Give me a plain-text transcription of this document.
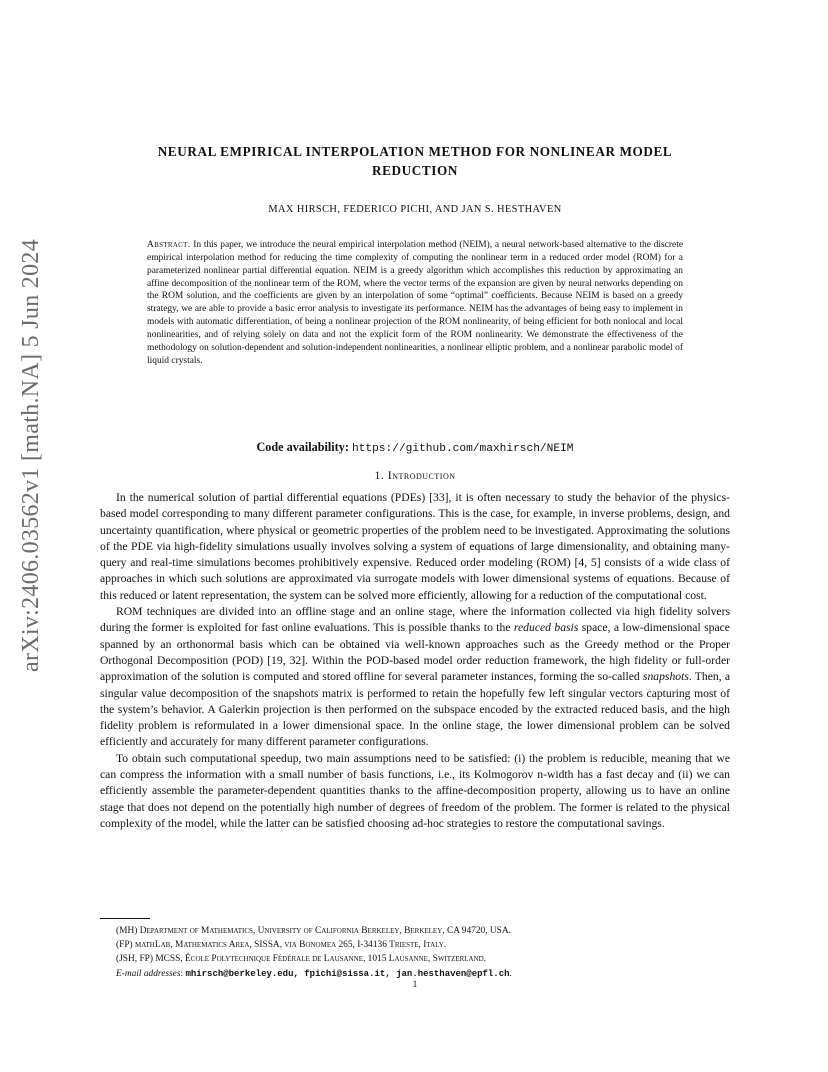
arXiv:2406.03562v1 [math.NA] 5 Jun 2024
NEURAL EMPIRICAL INTERPOLATION METHOD FOR NONLINEAR MODEL
REDUCTION
MAX HIRSCH, FEDERICO PICHI, AND JAN S. HESTHAVEN
Abstract. In this paper, we introduce the neural empirical interpolation method (NEIM), a neural network-based alternative to the discrete empirical interpolation method for reducing the time complexity of computing the nonlinear term in a reduced order model (ROM) for a parameterized nonlinear partial differential equation. NEIM is a greedy algorithm which accomplishes this reduction by approximating an affine decomposition of the nonlinear term of the ROM, where the vector terms of the expansion are given by neural networks depending on the ROM solution, and the coefficients are given by an interpolation of some “optimal” coefficients. Because NEIM is based on a greedy strategy, we are able to provide a basic error analysis to investigate its performance. NEIM has the advantages of being easy to implement in models with automatic differentiation, of being a nonlinear projection of the ROM nonlinearity, of being efficient for both nonlocal and local nonlinearities, and of relying solely on data and not the explicit form of the ROM nonlinearity. We demonstrate the effectiveness of the methodology on solution-dependent and solution-independent nonlinearities, a nonlinear elliptic problem, and a nonlinear parabolic model of liquid crystals.
Code availability: https://github.com/maxhirsch/NEIM
1. Introduction

In the numerical solution of partial differential equations (PDEs) [33], it is often necessary to study the behavior of the physics-based model corresponding to many different parameter configurations. This is the case, for example, in inverse problems, design, and uncertainty quantification, where physical or geometric properties of the problem need to be investigated. Approximating the solutions of the PDE via high-fidelity simulations usually involves solving a system of equations of large dimensionality, and obtaining many-query and real-time simulations becomes prohibitively expensive. Reduced order modeling (ROM) [4, 5] consists of a wide class of approaches in which such solutions are approximated via surrogate models with lower dimensional systems of equations. Because of this reduced or latent representation, the system can be solved more efficiently, allowing for a reduction of the computational cost.

ROM techniques are divided into an offline stage and an online stage, where the information collected via high fidelity solvers during the former is exploited for fast online evaluations. This is possible thanks to the reduced basis space, a low-dimensional space spanned by an orthonormal basis which can be obtained via well-known approaches such as the Greedy method or the Proper Orthogonal Decomposition (POD) [19, 32]. Within the POD-based model order reduction framework, the high fidelity or full-order approximation of the solution is computed and stored offline for several parameter instances, forming the so-called snapshots. Then, a singular value decomposition of the snapshots matrix is performed to retain the hopefully few left singular vectors capturing most of the system’s behavior. A Galerkin projection is then performed on the subspace encoded by the extracted reduced basis, and the high fidelity problem is reformulated in a lower dimensional space. In the online stage, the lower dimensional problem can be solved efficiently and accurately for many different parameter configurations.

To obtain such computational speedup, two main assumptions need to be satisfied: (i) the problem is reducible, meaning that we can compress the information with a small number of basis functions, i.e., its Kolmogorov n-width has a fast decay and (ii) we can efficiently assemble the parameter-dependent quantities thanks to the affine-decomposition property, allowing us to have an online stage that does not depend on the potentially high number of degrees of freedom of the problem. The former is related to the physical complexity of the model, while the latter can be satisfied choosing ad-hoc strategies to restore the computational savings.

(MH) Department of Mathematics, University of California Berkeley, Berkeley, CA 94720, USA.
(FP) mathLab, Mathematics Area, SISSA, via Bonomea 265, I-34136 Trieste, Italy.
(JSH, FP) MCSS, École Polytechnique Fédérale de Lausanne, 1015 Lausanne, Switzerland.
E-mail addresses: mhirsch@berkeley.edu, fpichi@sissa.it, jan.hesthaven@epfl.ch.
1
